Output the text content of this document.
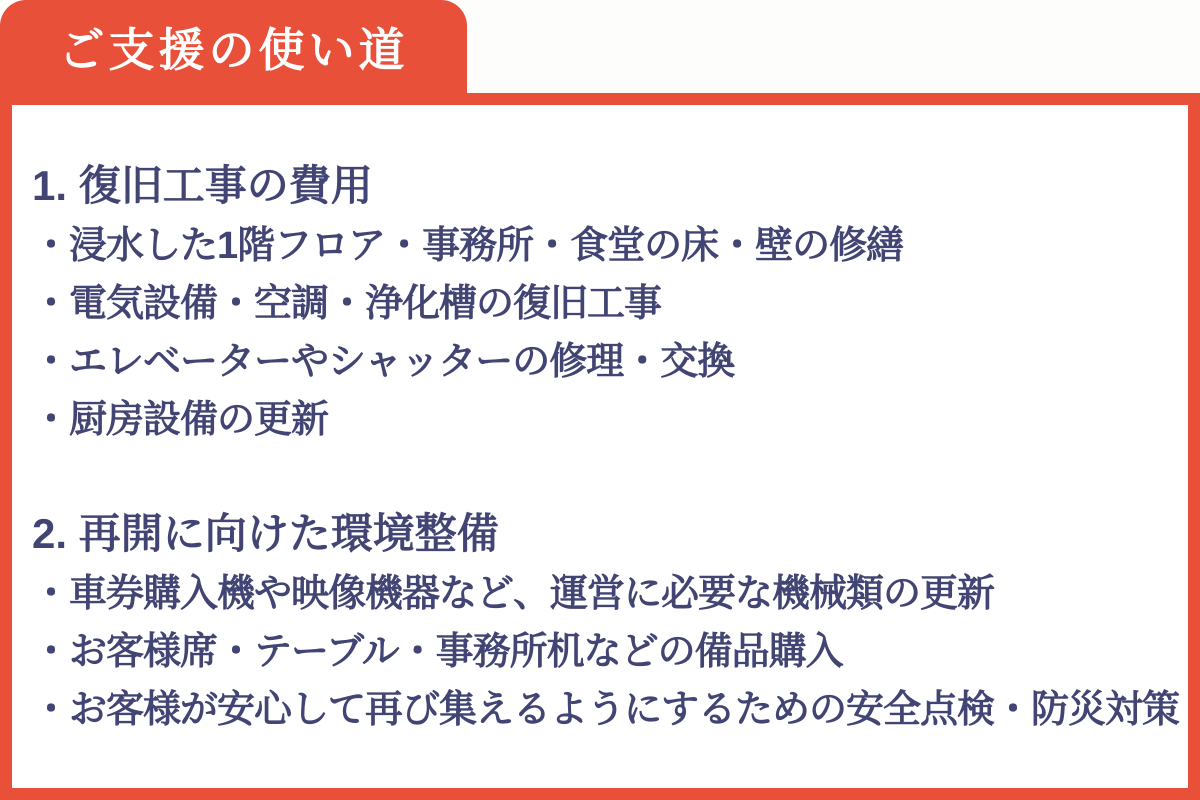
ご支援の使い道
1. 復旧工事の費用
・浸水した1階フロア・事務所・食堂の床・壁の修繕
・電気設備・空調・浄化槽の復旧工事
・エレベーターやシャッターの修理・交換
・厨房設備の更新
2. 再開に向けた環境整備
・車券購入機や映像機器など、運営に必要な機械類の更新
・お客様席・テーブル・事務所机などの備品購入
・お客様が安心して再び集えるようにするための安全点検・防災対策
